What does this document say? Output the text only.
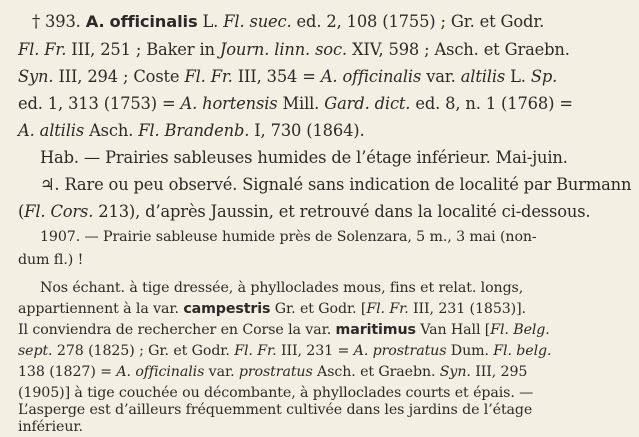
† 393. A. officinalis L. Fl. suec. ed. 2, 108 (1755) ; Gr. et Godr.
Fl. Fr. III, 251 ; Baker in Journ. linn. soc. XIV, 598 ; Asch. et Graebn.
Syn. III, 294 ; Coste Fl. Fr. III, 354 = A. officinalis var. altilis L. Sp.
ed. 1, 313 (1753) = A. hortensis Mill. Gard. dict. ed. 8, n. 1 (1768) =
A. altilis Asch. Fl. Brandenb. I, 730 (1864).
Hab. — Prairies sableuses humides de l’étage inférieur. Mai-juin.
♃. Rare ou peu observé. Signalé sans indication de localité par Burmann
(Fl. Cors. 213), d’après Jaussin, et retrouvé dans la localité ci-dessous.
1907. — Prairie sableuse humide près de Solenzara, 5 m., 3 mai (non-
dum fl.) !
Nos échant. à tige dressée, à phylloclades mous, fins et relat. longs,
appartiennent à la var. campestris Gr. et Godr. [Fl. Fr. III, 231 (1853)].
Il conviendra de rechercher en Corse la var. maritimus Van Hall [Fl. Belg.
sept. 278 (1825) ; Gr. et Godr. Fl. Fr. III, 231 = A. prostratus Dum. Fl. belg.
138 (1827) = A. officinalis var. prostratus Asch. et Graebn. Syn. III, 295
(1905)] à tige couchée ou décombante, à phylloclades courts et épais. —
L’asperge est d’ailleurs fréquemment cultivée dans les jardins de l’étage
inférieur.
